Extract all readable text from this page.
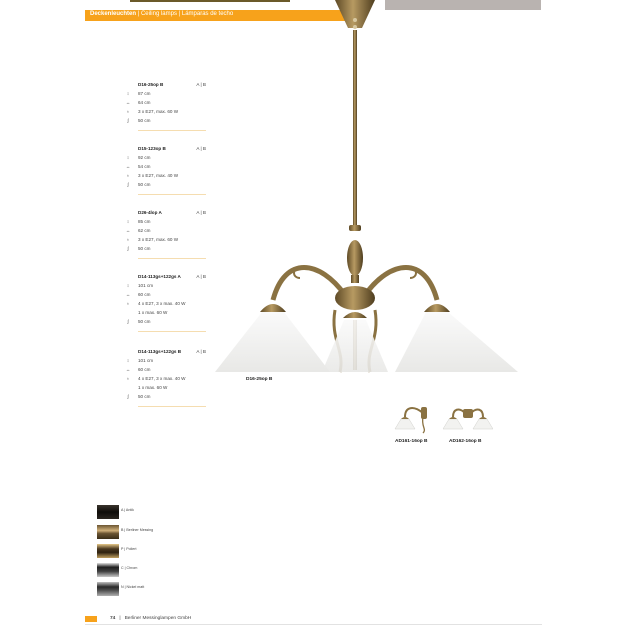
Deckenleuchten | Ceiling lamps | Lámparas de techo
D16-25op B	A | B
↕	87 cm
↔	64 cm
♁	3 x E27, max. 60 W
∫	50 cm
D15-123op B	A | B
↕	92 cm
↔	54 cm
♁	3 x E27, max. 40 W
∫	50 cm
D26-4lop A	A | B
↕	85 cm
↔	62 cm
♁	3 x E27, max. 60 W
∫	50 cm
D14-113gs+122gs A	A | B
↕	101 cm
↔	60 cm
♁	4 x E27, 3 x max. 40 W
1 x max. 60 W
∫	50 cm
D14-113gs+122gs B	A | B
↕	101 cm
↔	60 cm
♁	4 x E27, 3 x max. 40 W
1 x max. 60 W
∫	50 cm
D16-25op B
AD161-16op B	AD162-16op B
A | Antik
B | Berliner Messing
P | Poliert
C | Chrom
N | Nickel matt
74 | Berliner Messinglampen GmbH
